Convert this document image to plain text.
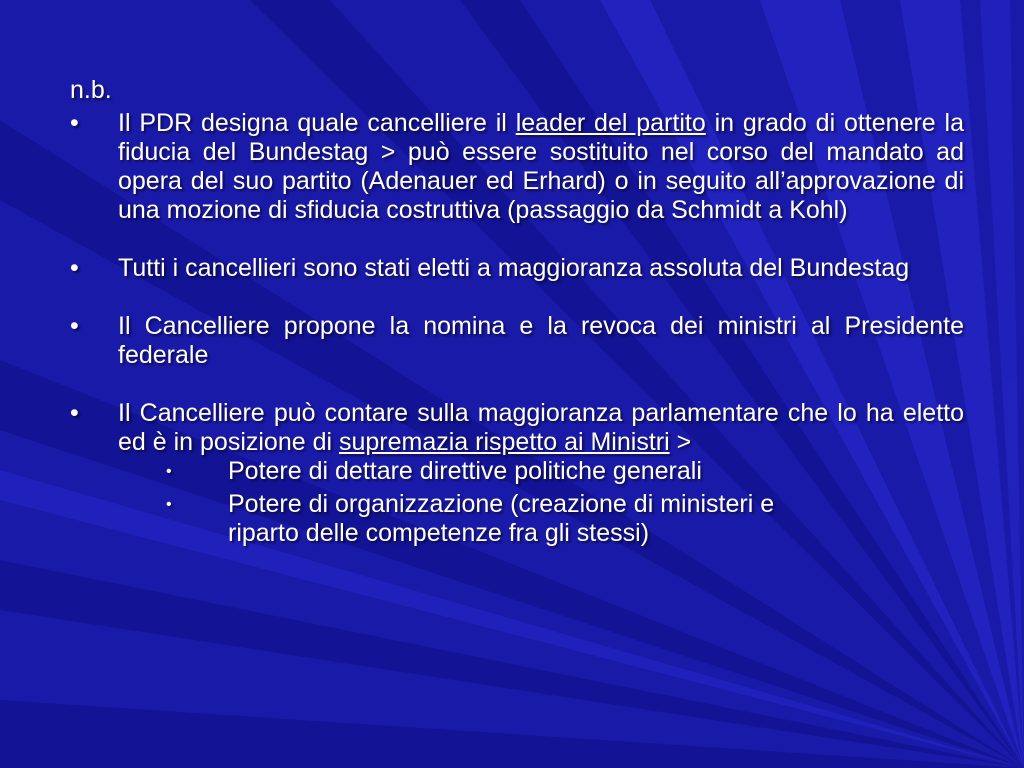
n.b.
• Il PDR designa quale cancelliere il leader del partito in grado di ottenere la fiducia del Bundestag > può essere sostituito nel corso del mandato ad opera del suo partito (Adenauer ed Erhard) o in seguito all’approvazione di una mozione di sfiducia costruttiva (passaggio da Schmidt a Kohl)
• Tutti i cancellieri sono stati eletti a maggioranza assoluta del Bundestag
• Il Cancelliere propone la nomina e la revoca dei ministri al Presidente federale
• Il Cancelliere può contare sulla maggioranza parlamentare che lo ha eletto ed è in posizione di supremazia rispetto ai Ministri >
• Potere di dettare direttive politiche generali
• Potere di organizzazione (creazione di ministeri e riparto delle competenze fra gli stessi)
